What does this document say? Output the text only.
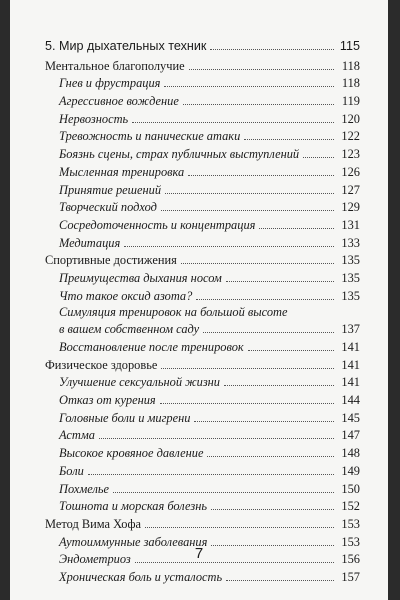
5. Мир дыхательных техник	115
Ментальное благополучие	118
Гнев и фрустрация	118
Агрессивное вождение	119
Нервозность	120
Тревожность и панические атаки	122
Боязнь сцены, страх публичных выступлений	123
Мысленная тренировка	126
Принятие решений	127
Творческий подход	129
Сосредоточенность и концентрация	131
Медитация	133
Спортивные достижения	135
Преимущества дыхания носом	135
Что такое оксид азота?	135
Симуляция тренировок на большой высоте
в вашем собственном саду	137
Восстановление после тренировок	141
Физическое здоровье	141
Улучшение сексуальной жизни	141
Отказ от курения	144
Головные боли и мигрени	145
Астма	147
Высокое кровяное давление	148
Боли	149
Похмелье	150
Тошнота и морская болезнь	152
Метод Вима Хофа	153
Аутоиммунные заболевания	153
Эндометриоз	156
Хроническая боль и усталость	157
7
